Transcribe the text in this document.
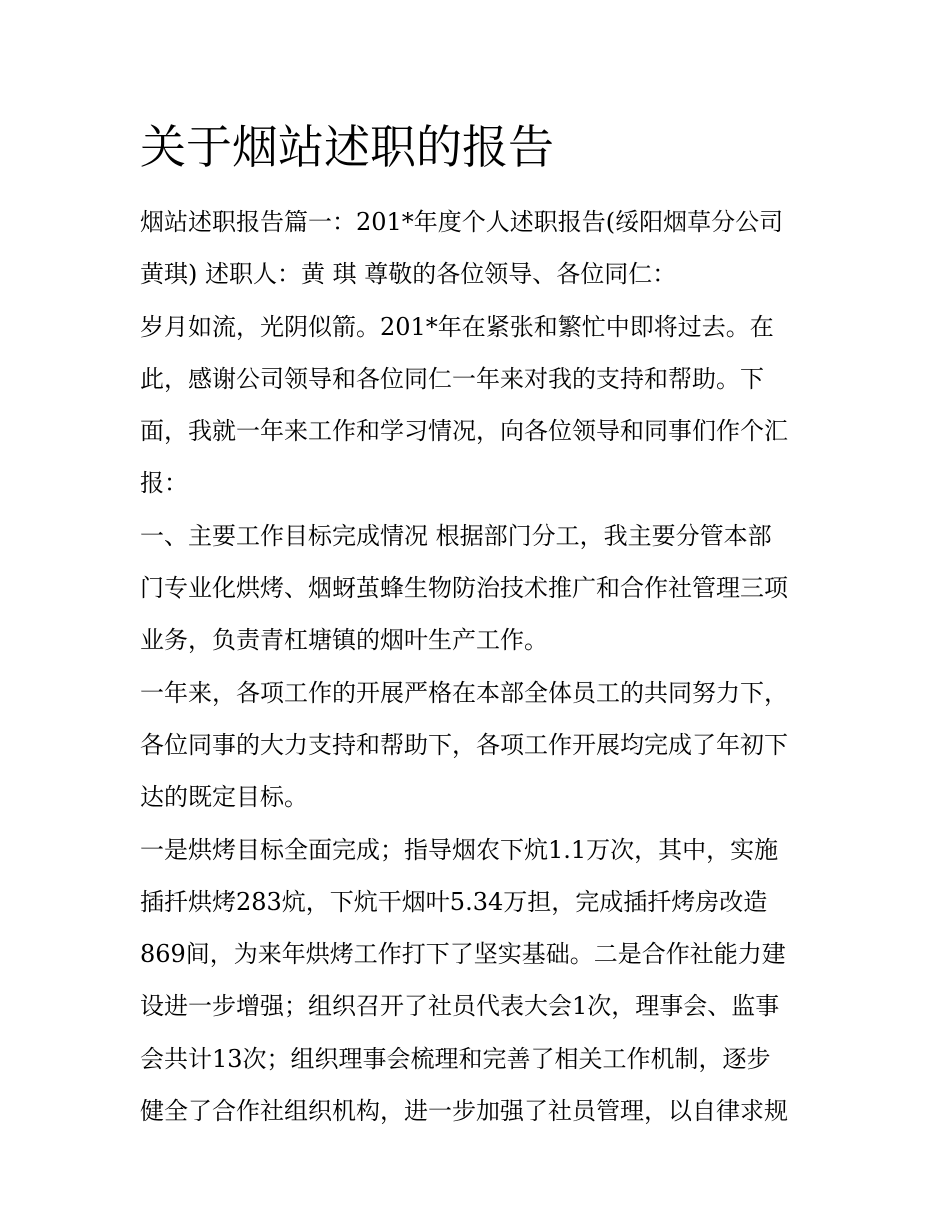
关于烟站述职的报告
烟站述职报告篇一：201*年度个人述职报告(绥阳烟草分公司
黄琪) 述职人：黄 琪 尊敬的各位领导、各位同仁：
岁月如流，光阴似箭。201*年在紧张和繁忙中即将过去。在
此，感谢公司领导和各位同仁一年来对我的支持和帮助。下
面，我就一年来工作和学习情况，向各位领导和同事们作个汇
报：
一、主要工作目标完成情况 根据部门分工，我主要分管本部
门专业化烘烤、烟蚜茧蜂生物防治技术推广和合作社管理三项
业务，负责青杠塘镇的烟叶生产工作。
一年来，各项工作的开展严格在本部全体员工的共同努力下，
各位同事的大力支持和帮助下，各项工作开展均完成了年初下
达的既定目标。
一是烘烤目标全面完成；指导烟农下炕1.1万次，其中，实施
插扦烘烤283炕，下炕干烟叶5.34万担，完成插扦烤房改造
869间，为来年烘烤工作打下了坚实基础。二是合作社能力建
设进一步增强；组织召开了社员代表大会1次，理事会、监事
会共计13次；组织理事会梳理和完善了相关工作机制，逐步
健全了合作社组织机构，进一步加强了社员管理，以自律求规
